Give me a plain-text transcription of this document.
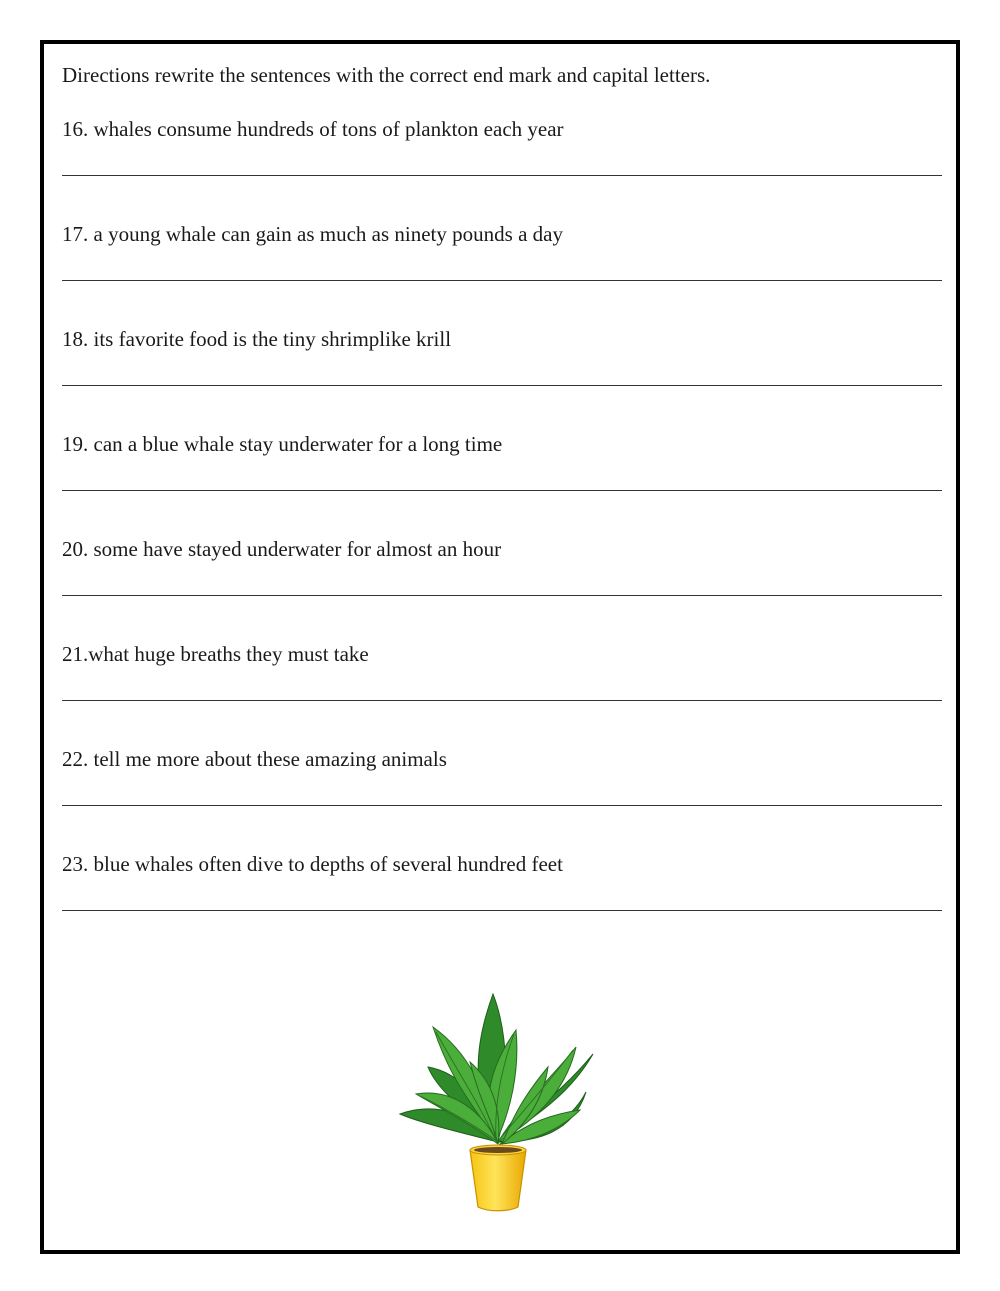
Directions rewrite the sentences with the correct end mark and capital letters.
16. whales consume hundreds of tons of plankton each year
17. a young whale can gain as much as ninety pounds a day
18. its favorite food is the tiny shrimplike krill
19. can a blue whale stay underwater for a long time
20. some have stayed underwater for almost an hour
21.what huge breaths they must take
22. tell me more about these amazing animals
23. blue whales often dive to depths of several hundred feet
